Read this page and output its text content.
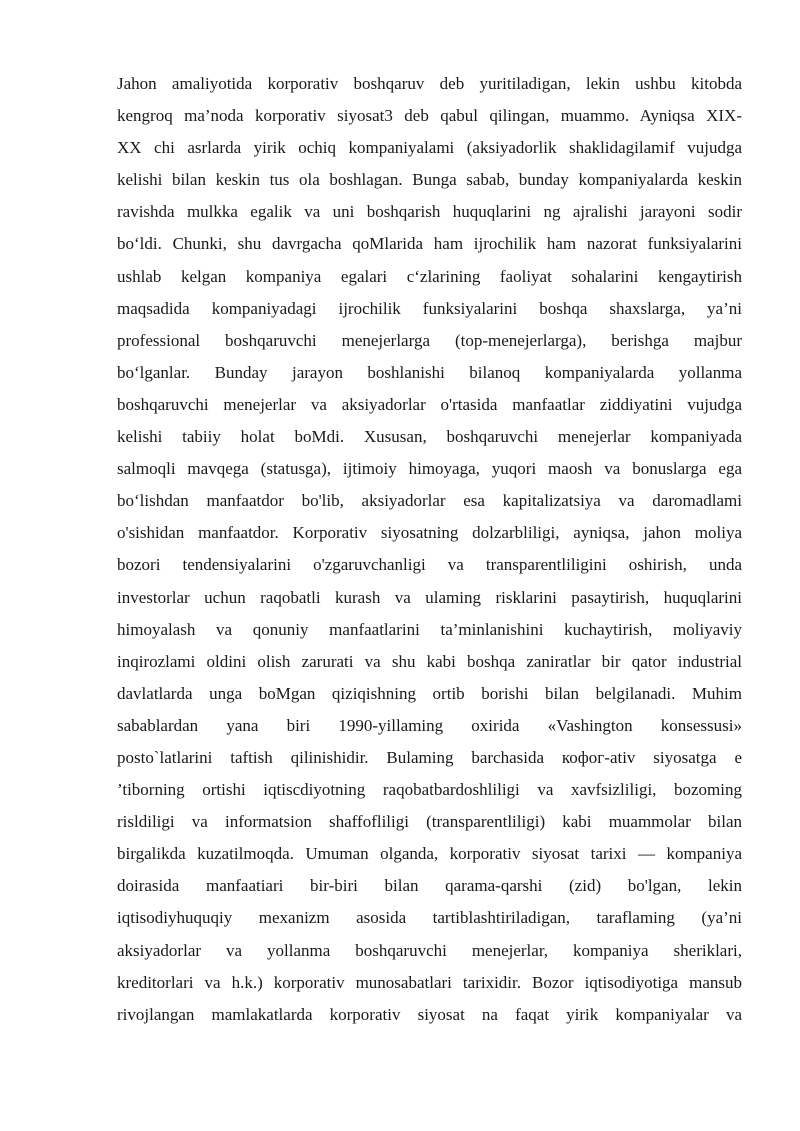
Jahon amaliyotida korporativ boshqaruv deb yuritiladigan, lekin ushbu kitobda
kengroq ma’noda korporativ siyosat3 deb qabul qilingan, muammo. Ayniqsa XIX-
XX chi asrlarda yirik ochiq kompaniyalami (aksiyadorlik shaklidagilamif vujudga
kelishi bilan keskin tus ola boshlagan. Bunga sabab, bunday kompaniyalarda keskin
ravishda mulkka egalik va uni boshqarish huquqlarini ng ajralishi jarayoni sodir
bo‘ldi. Chunki, shu davrgacha qoMlarida ham ijrochilik ham nazorat funksiyalarini
ushlab kelgan kompaniya egalari c‘zlarining faoliyat sohalarini kengaytirish
maqsadida kompaniyadagi ijrochilik funksiyalarini boshqa shaxslarga, ya’ni
professional boshqaruvchi menejerlarga (top-menejerlarga), berishga majbur
bo‘lganlar. Bunday jarayon boshlanishi bilanoq kompaniyalarda yollanma
boshqaruvchi menejerlar va aksiyadorlar o'rtasida manfaatlar ziddiyatini vujudga
kelishi tabiiy holat boMdi. Xususan, boshqaruvchi menejerlar kompaniyada
salmoqli mavqega (statusga), ijtimoiy himoyaga, yuqori maosh va bonuslarga ega
bo‘lishdan manfaatdor bo'lib, aksiyadorlar esa kapitalizatsiya va daromadlami
o'sishidan manfaatdor. Korporativ siyosatning dolzarbliligi, ayniqsa, jahon moliya
bozori tendensiyalarini o'zgaruvchanligi va transparentliligini oshirish, unda
investorlar uchun raqobatli kurash va ulaming risklarini pasaytirish, huquqlarini
himoyalash va qonuniy manfaatlarini ta’minlanishini kuchaytirish, moliyaviy
inqirozlami oldini olish zarurati va shu kabi boshqa zaniratlar bir qator industrial
davlatlarda unga boMgan qiziqishning ortib borishi bilan belgilanadi. Muhim
sabablardan yana biri 1990-yillaming oxirida «Vashington konsessusi»
posto`latlarini taftish qilinishidir. Bulaming barchasida кофог-ativ siyosatga e
’tiborning ortishi iqtiscdiyotning raqobatbardoshliligi va xavfsizliligi, bozoming
risldiligi va informatsion shaffofliligi (transparentliligi) kabi muammolar bilan
birgalikda kuzatilmoqda. Umuman olganda, korporativ siyosat tarixi — kompaniya
doirasida manfaatiari bir-biri bilan qarama-qarshi (zid) bo'lgan, lekin
iqtisodiyhuquqiy mexanizm asosida tartiblashtiriladigan, taraflaming (ya’ni
aksiyadorlar va yollanma boshqaruvchi menejerlar, kompaniya sheriklari,
kreditorlari va h.k.) korporativ munosabatlari tarixidir. Bozor iqtisodiyotiga mansub
rivojlangan mamlakatlarda korporativ siyosat na faqat yirik kompaniyalar va
